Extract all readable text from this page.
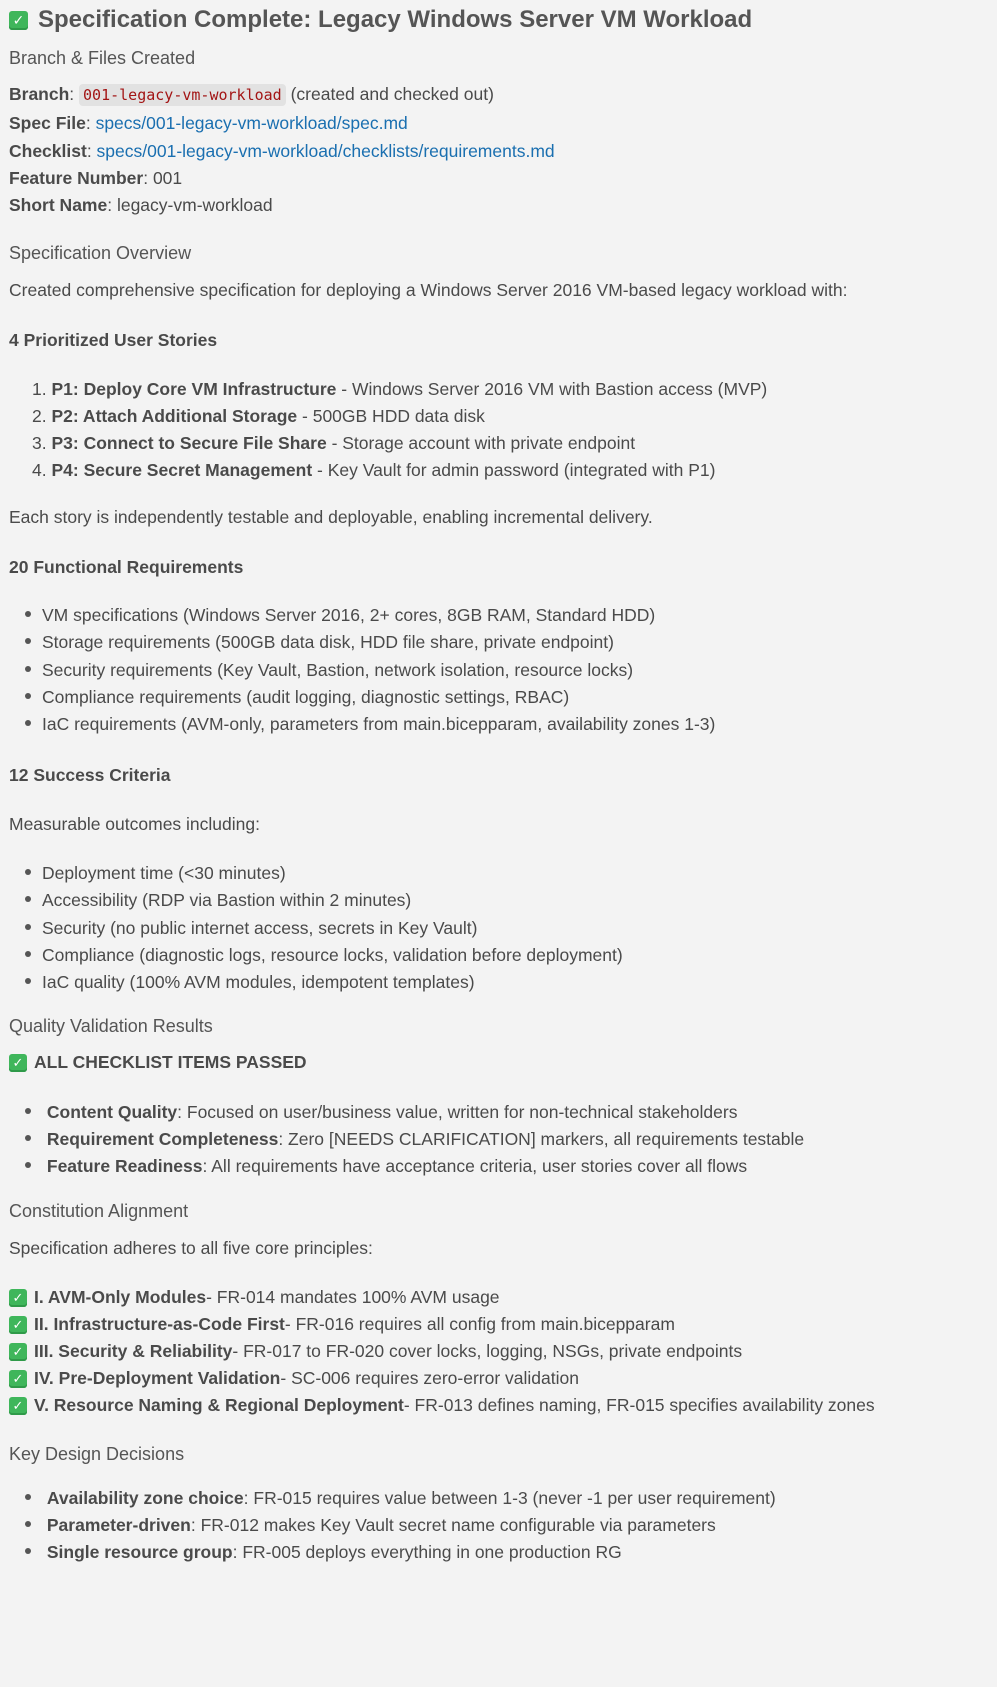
✓ Specification Complete: Legacy Windows Server VM Workload
Branch & Files Created
Branch: 001-legacy-vm-workload (created and checked out)
Spec File: specs/001-legacy-vm-workload/spec.md
Checklist: specs/001-legacy-vm-workload/checklists/requirements.md
Feature Number: 001
Short Name: legacy-vm-workload
Specification Overview
Created comprehensive specification for deploying a Windows Server 2016 VM-based legacy workload with:
4 Prioritized User Stories
1. P1: Deploy Core VM Infrastructure - Windows Server 2016 VM with Bastion access (MVP)
2. P2: Attach Additional Storage - 500GB HDD data disk
3. P3: Connect to Secure File Share - Storage account with private endpoint
4. P4: Secure Secret Management - Key Vault for admin password (integrated with P1)
Each story is independently testable and deployable, enabling incremental delivery.
20 Functional Requirements
VM specifications (Windows Server 2016, 2+ cores, 8GB RAM, Standard HDD)
Storage requirements (500GB data disk, HDD file share, private endpoint)
Security requirements (Key Vault, Bastion, network isolation, resource locks)
Compliance requirements (audit logging, diagnostic settings, RBAC)
IaC requirements (AVM-only, parameters from main.bicepparam, availability zones 1-3)
12 Success Criteria
Measurable outcomes including:
Deployment time (<30 minutes)
Accessibility (RDP via Bastion within 2 minutes)
Security (no public internet access, secrets in Key Vault)
Compliance (diagnostic logs, resource locks, validation before deployment)
IaC quality (100% AVM modules, idempotent templates)
Quality Validation Results
✓ ALL CHECKLIST ITEMS PASSED
Content Quality: Focused on user/business value, written for non-technical stakeholders
Requirement Completeness: Zero [NEEDS CLARIFICATION] markers, all requirements testable
Feature Readiness: All requirements have acceptance criteria, user stories cover all flows
Constitution Alignment
Specification adheres to all five core principles:
✓ I. AVM-Only Modules - FR-014 mandates 100% AVM usage
✓ II. Infrastructure-as-Code First - FR-016 requires all config from main.bicepparam
✓ III. Security & Reliability - FR-017 to FR-020 cover locks, logging, NSGs, private endpoints
✓ IV. Pre-Deployment Validation - SC-006 requires zero-error validation
✓ V. Resource Naming & Regional Deployment - FR-013 defines naming, FR-015 specifies availability zones
Key Design Decisions
Availability zone choice: FR-015 requires value between 1-3 (never -1 per user requirement)
Parameter-driven: FR-012 makes Key Vault secret name configurable via parameters
Single resource group: FR-005 deploys everything in one production RG
